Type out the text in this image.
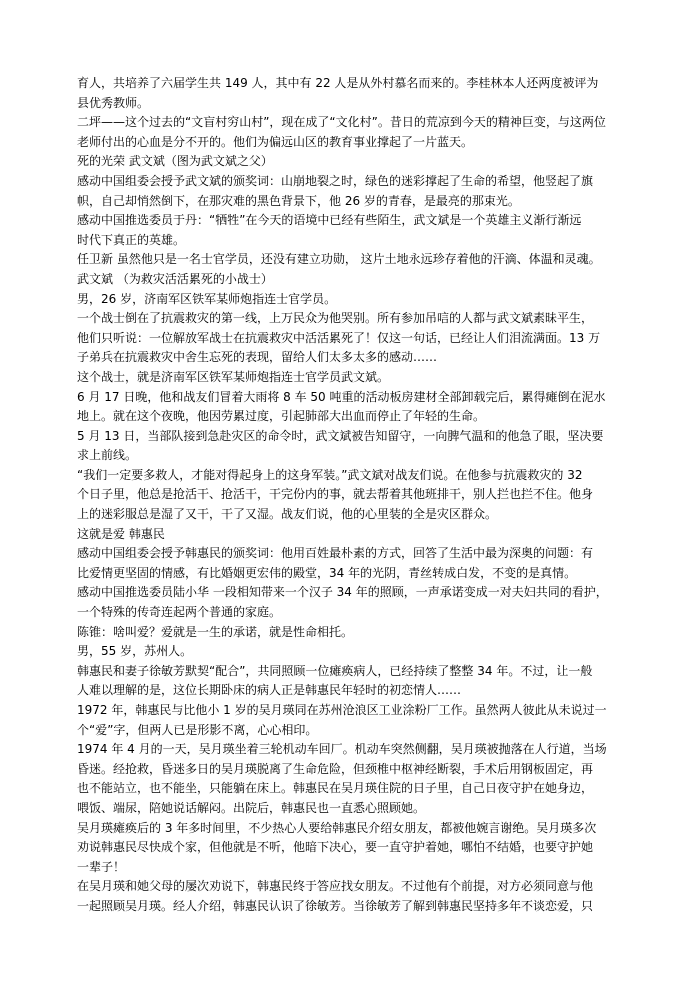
育人，共培养了六届学生共 149 人，其中有 22 人是从外村慕名而来的。李桂林本人还两度被评为
县优秀教师。
二坪——这个过去的“文盲村穷山村”，现在成了“文化村”。昔日的荒凉到今天的精神巨变，与这两位
老师付出的心血是分不开的。他们为偏远山区的教育事业撑起了一片蓝天。
死的光荣 武文斌（图为武文斌之父）
感动中国组委会授予武文斌的颁奖词：山崩地裂之时，绿色的迷彩撑起了生命的希望，他竖起了旗
帜，自己却悄然倒下，在那灾难的黑色背景下，他 26 岁的青春，是最亮的那束光。
感动中国推选委员于丹：“牺牲”在今天的语境中已经有些陌生，武文斌是一个英雄主义渐行渐远
时代下真正的英雄。
任卫新 虽然他只是一名士官学员，还没有建立功勋， 这片土地永远珍存着他的汗滴、体温和灵魂。
武文斌 （为救灾活活累死的小战士）
男，26 岁，济南军区铁军某师炮指连士官学员。
一个战士倒在了抗震救灾的第一线，上万民众为他哭别。所有参加吊唁的人都与武文斌素昧平生，
他们只听说：一位解放军战士在抗震救灾中活活累死了！仅这一句话，已经让人们泪流满面。13 万
子弟兵在抗震救灾中舍生忘死的表现，留给人们太多太多的感动……
这个战士，就是济南军区铁军某师炮指连士官学员武文斌。
6 月 17 日晚，他和战友们冒着大雨将 8 车 50 吨重的活动板房建材全部卸载完后，累得瘫倒在泥水
地上。就在这个夜晚，他因劳累过度，引起肺部大出血而停止了年轻的生命。
5 月 13 日，当部队接到急赴灾区的命令时，武文斌被告知留守，一向脾气温和的他急了眼，坚决要
求上前线。
“我们一定要多救人，才能对得起身上的这身军装。”武文斌对战友们说。在他参与抗震救灾的 32
个日子里，他总是抢活干、抢活干，干完份内的事，就去帮着其他班排干，别人拦也拦不住。他身
上的迷彩服总是湿了又干，干了又湿。战友们说，他的心里装的全是灾区群众。
这就是爱 韩惠民
感动中国组委会授予韩惠民的颁奖词：他用百姓最朴素的方式，回答了生活中最为深奥的问题：有
比爱情更坚固的情感，有比婚姻更宏伟的殿堂，34 年的光阴，青丝转成白发，不变的是真情。
感动中国推选委员陆小华 一段相知带来一个汉子 34 年的照顾，一声承诺变成一对夫妇共同的看护，
一个特殊的传奇连起两个普通的家庭。
陈锥：啥叫爱？爱就是一生的承诺，就是性命相托。
男，55 岁，苏州人。
韩惠民和妻子徐敏芳默契“配合”，共同照顾一位瘫痪病人，已经持续了整整 34 年。不过，让一般
人难以理解的是，这位长期卧床的病人正是韩惠民年轻时的初恋情人……
1972 年，韩惠民与比他小 1 岁的吴月瑛同在苏州沧浪区工业涂粉厂工作。虽然两人彼此从未说过一
个“爱”字，但两人已是形影不离，心心相印。
1974 年 4 月的一天，吴月瑛坐着三轮机动车回厂。机动车突然侧翻，吴月瑛被抛落在人行道，当场
昏迷。经抢救，昏迷多日的吴月瑛脱离了生命危险，但颈椎中枢神经断裂，手术后用钢板固定，再
也不能站立，也不能坐，只能躺在床上。韩惠民在吴月瑛住院的日子里，自己日夜守护在她身边，
喂饭、端尿，陪她说话解闷。出院后，韩惠民也一直悉心照顾她。
吴月瑛瘫痪后的 3 年多时间里，不少热心人要给韩惠民介绍女朋友，都被他婉言谢绝。吴月瑛多次
劝说韩惠民尽快成个家，但他就是不听，他暗下决心，要一直守护着她，哪怕不结婚，也要守护她
一辈子！
在吴月瑛和她父母的屡次劝说下，韩惠民终于答应找女朋友。不过他有个前提，对方必须同意与他
一起照顾吴月瑛。经人介绍，韩惠民认识了徐敏芳。当徐敏芳了解到韩惠民坚持多年不谈恋爱，只
